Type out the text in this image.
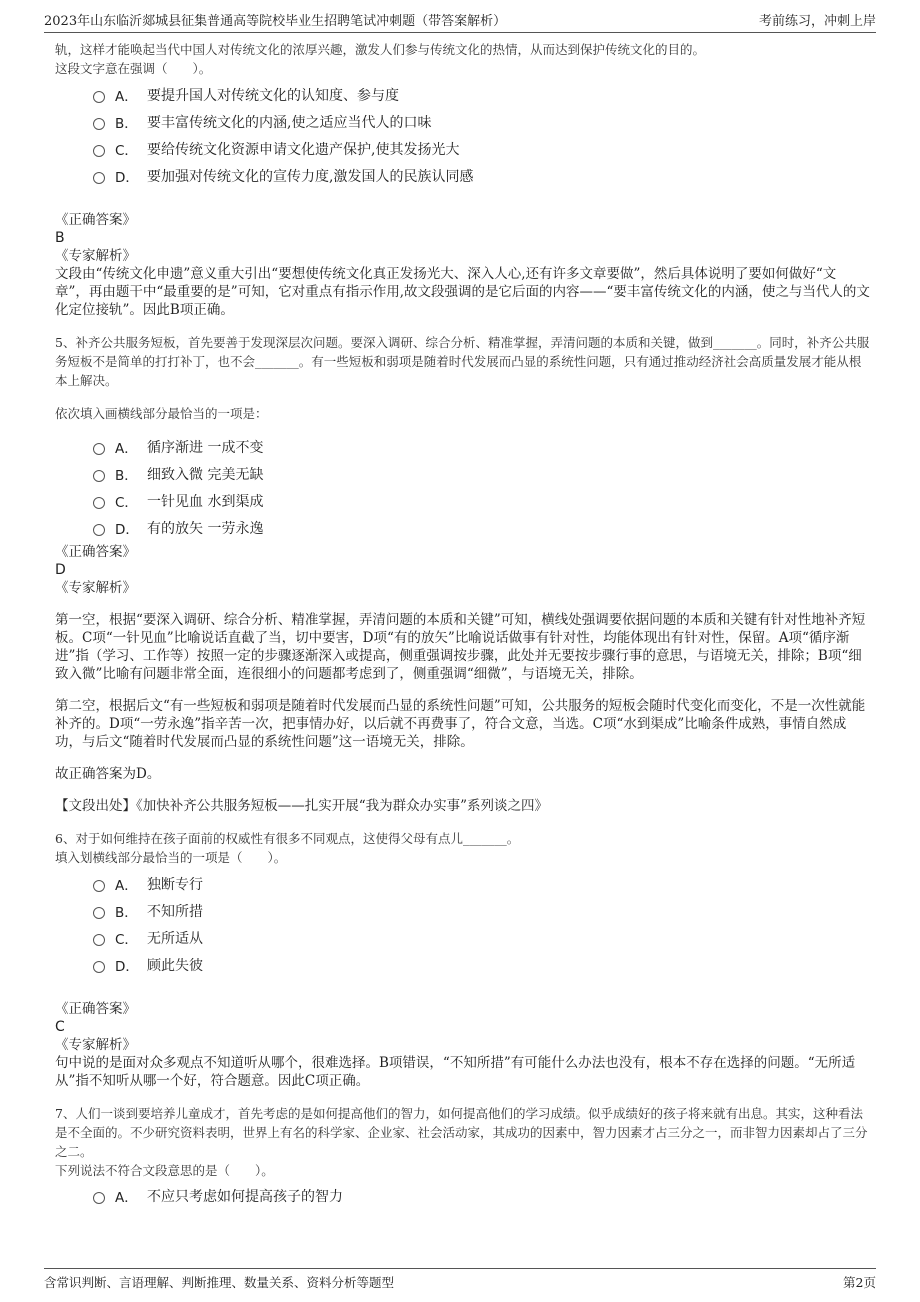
2023年山东临沂郯城县征集普通高等院校毕业生招聘笔试冲刺题（带答案解析）	考前练习，冲刺上岸
轨，这样才能唤起当代中国人对传统文化的浓厚兴趣，激发人们参与传统文化的热情，从而达到保护传统文化的目的。
这段文字意在强调（　　）。
A． 要提升国人对传统文化的认知度、参与度
B． 要丰富传统文化的内涵,使之适应当代人的口味
C． 要给传统文化资源申请文化遗产保护,使其发扬光大
D． 要加强对传统文化的宣传力度,激发国人的民族认同感
《正确答案》
B
《专家解析》
文段由“传统文化申遗”意义重大引出“要想使传统文化真正发扬光大、深入人心,还有许多文章要做”，然后具体说明了要如何做好“文章”，再由题干中“最重要的是”可知，它对重点有指示作用,故文段强调的是它后面的内容——“要丰富传统文化的内涵，使之与当代人的文化定位接轨”。因此B项正确。
5、补齐公共服务短板，首先要善于发现深层次问题。要深入调研、综合分析、精准掌握，弄清问题的本质和关键，做到_______。同时，补齐公共服务短板不是简单的打打补丁，也不会_______。有一些短板和弱项是随着时代发展而凸显的系统性问题，只有通过推动经济社会高质量发展才能从根本上解决。
依次填入画横线部分最恰当的一项是：
A． 循序渐进 一成不变
B． 细致入微 完美无缺
C． 一针见血 水到渠成
D． 有的放矢 一劳永逸
《正确答案》
D
《专家解析》
第一空，根据“要深入调研、综合分析、精准掌握，弄清问题的本质和关键”可知，横线处强调要依据问题的本质和关键有针对性地补齐短板。C项“一针见血”比喻说话直截了当，切中要害，D项“有的放矢”比喻说话做事有针对性，均能体现出有针对性，保留。A项“循序渐进”指（学习、工作等）按照一定的步骤逐渐深入或提高，侧重强调按步骤，此处并无要按步骤行事的意思，与语境无关，排除；B项“细致入微”比喻有问题非常全面，连很细小的问题都考虑到了，侧重强调“细微”，与语境无关，排除。
第二空，根据后文“有一些短板和弱项是随着时代发展而凸显的系统性问题”可知，公共服务的短板会随时代变化而变化，不是一次性就能补齐的。D项“一劳永逸”指辛苦一次，把事情办好，以后就不再费事了，符合文意，当选。C项“水到渠成”比喻条件成熟，事情自然成功，与后文“随着时代发展而凸显的系统性问题”这一语境无关，排除。
故正确答案为D。
【文段出处】《加快补齐公共服务短板——扎实开展“我为群众办实事”系列谈之四》
6、对于如何维持在孩子面前的权威性有很多不同观点，这使得父母有点儿_______。
填入划横线部分最恰当的一项是（　　）。
A． 独断专行
B． 不知所措
C． 无所适从
D． 顾此失彼
《正确答案》
C
《专家解析》
句中说的是面对众多观点不知道听从哪个，很难选择。B项错误，“不知所措”有可能什么办法也没有，根本不存在选择的问题。“无所适从”指不知听从哪一个好，符合题意。因此C项正确。
7、人们一谈到要培养儿童成才，首先考虑的是如何提高他们的智力，如何提高他们的学习成绩。似乎成绩好的孩子将来就有出息。其实，这种看法是不全面的。不少研究资料表明，世界上有名的科学家、企业家、社会活动家，其成功的因素中，智力因素才占三分之一，而非智力因素却占了三分之二。
下列说法不符合文段意思的是（　　）。
A． 不应只考虑如何提高孩子的智力
含常识判断、言语理解、判断推理、数量关系、资料分析等题型	第2页
